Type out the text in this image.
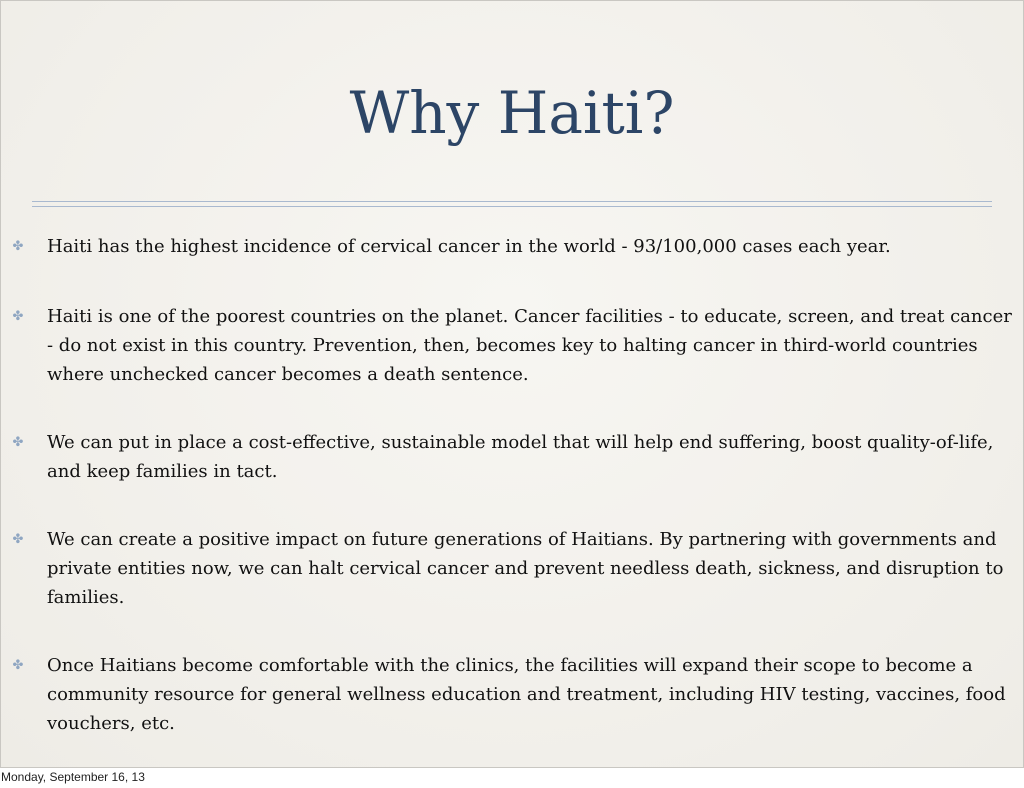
Why Haiti?
✤ Haiti has the highest incidence of cervical cancer in the world - 93/100,000 cases each year.
✤ Haiti is one of the poorest countries on the planet. Cancer facilities - to educate, screen, and treat cancer - do not exist in this country. Prevention, then, becomes key to halting cancer in third-world countries where unchecked cancer becomes a death sentence.
✤ We can put in place a cost-effective, sustainable model that will help end suffering, boost quality-of-life, and keep families in tact.
✤ We can create a positive impact on future generations of Haitians. By partnering with governments and private entities now, we can halt cervical cancer and prevent needless death, sickness, and disruption to families.
✤ Once Haitians become comfortable with the clinics, the facilities will expand their scope to become a community resource for general wellness education and treatment, including HIV testing, vaccines, food vouchers, etc.
Monday, September 16, 13
